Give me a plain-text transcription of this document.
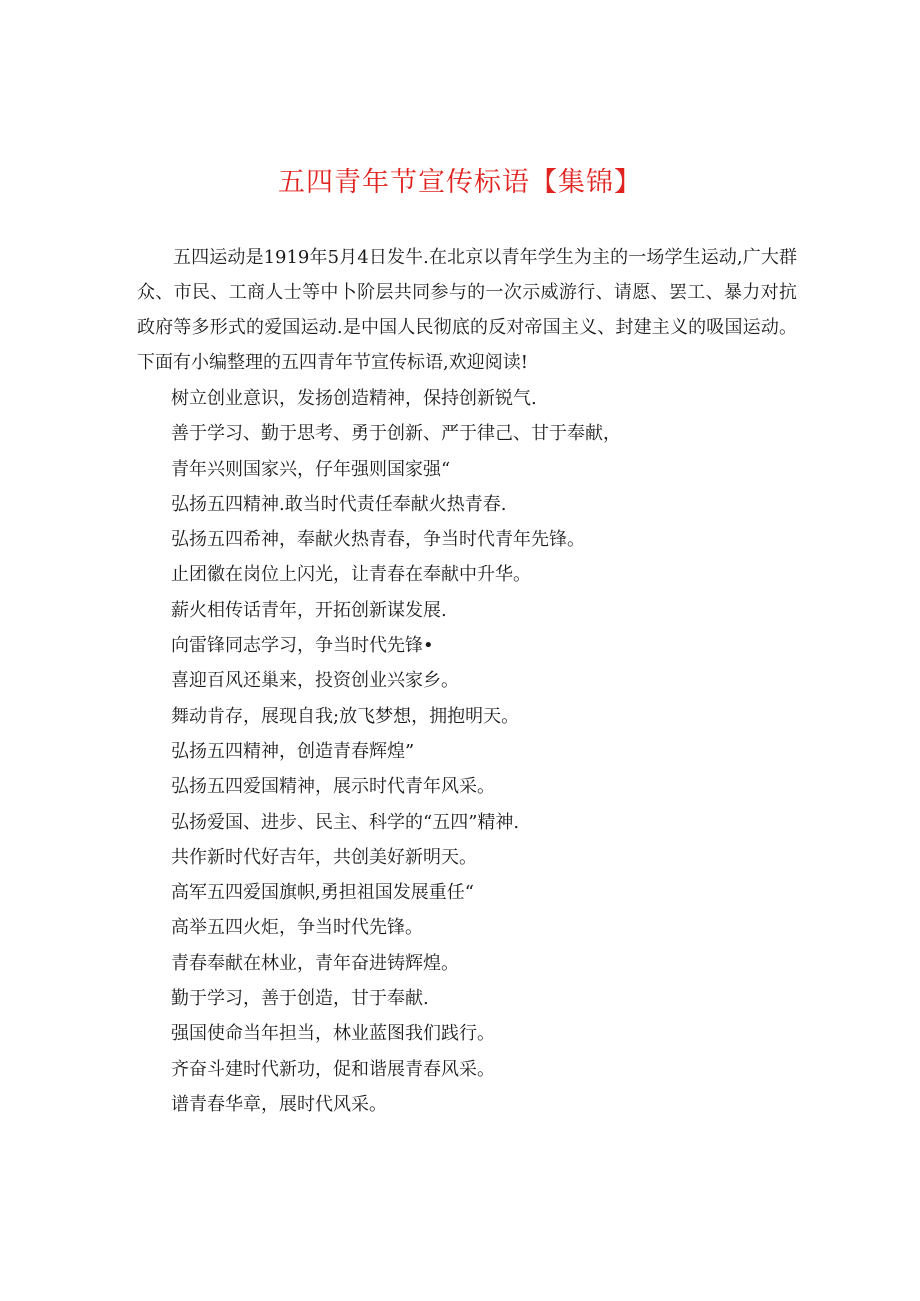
五四青年节宣传标语【集锦】

五四运动是1919年5月4日发牛.在北京以青年学生为主的一场学生运动,广大群众、市民、工商人士等中卜阶层共同参与的一次示威游行、请愿、罢工、暴力对抗政府等多形式的爱国运动.是中国人民彻底的反对帝国主义、封建主义的吸国运动。下面有小编整理的五四青年节宣传标语,欢迎阅读!

树立创业意识，发扬创造精神，保持创新锐气.
善于学习、勤于思考、勇于创新、严于律己、甘于奉献，
青年兴则国家兴，仔年强则国家强“
弘扬五四精神.敢当时代责任奉献火热青春.
弘扬五四希神，奉献火热青春，争当时代青年先锋。
止团徽在岗位上闪光，让青春在奉献中升华。
薪火相传话青年，开拓创新谋发展.
向雷锋同志学习，争当时代先锋•
喜迎百风还巢来，投资创业兴家乡。
舞动肯存，展现自我;放飞梦想，拥抱明天。
弘扬五四精神，创造青春辉煌”
弘扬五四爱国精神，展示时代青年风采。
弘扬爱国、进步、民主、科学的“五四”精神.
共作新时代好吉年，共创美好新明天。
高军五四爱国旗帜,勇担祖国发展重任“
高举五四火炬，争当时代先锋。
青春奉献在林业，青年奋进铸辉煌。
勤于学习，善于创造，甘于奉献.
强国使命当年担当，林业蓝图我们践行。
齐奋斗建时代新功，促和谐展青春风采。
谱青春华章，展时代风采。
